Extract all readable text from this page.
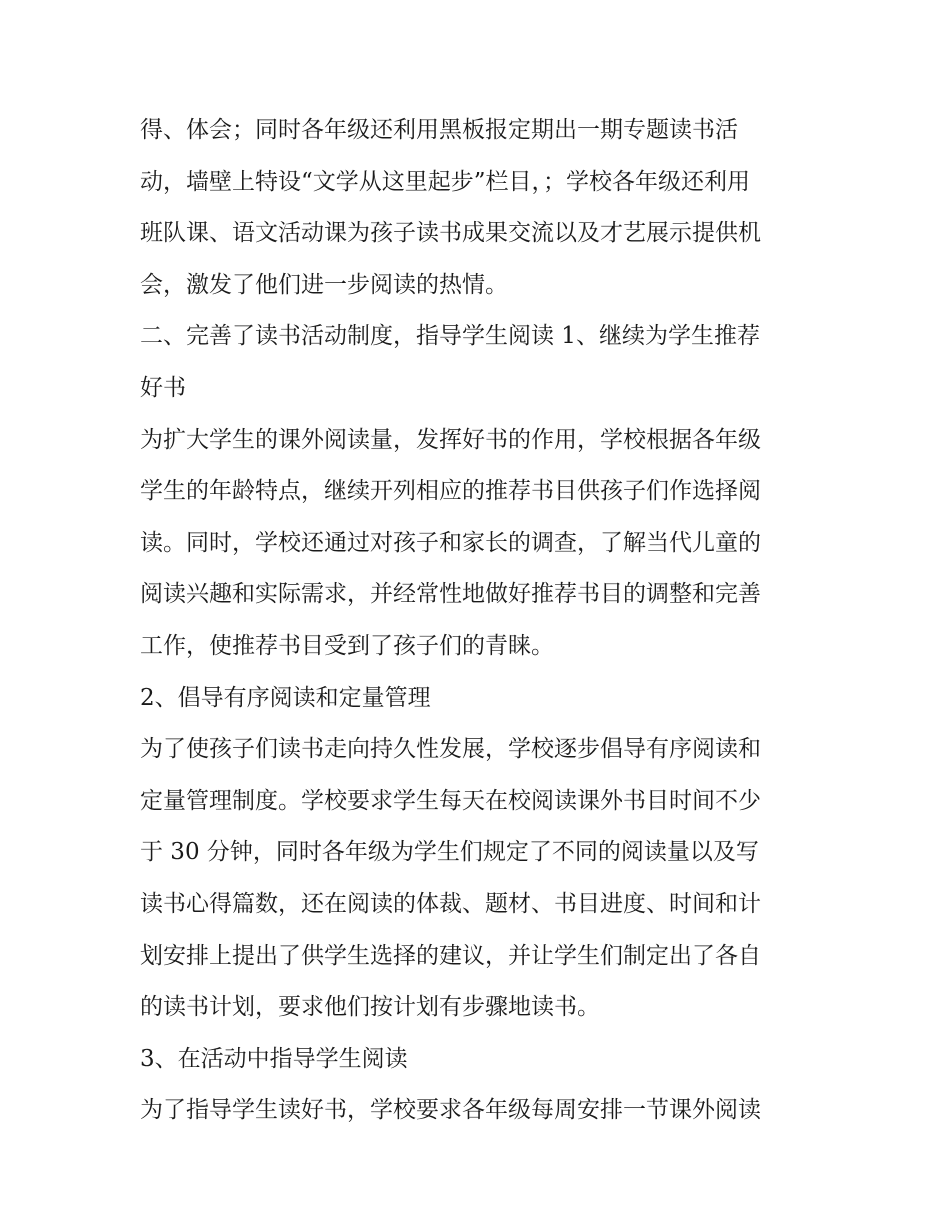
得、体会；同时各年级还利用黑板报定期出一期专题读书活
动，墙壁上特设“文学从这里起步”栏目，；学校各年级还利用
班队课、语文活动课为孩子读书成果交流以及才艺展示提供机
会，激发了他们进一步阅读的热情。
二、完善了读书活动制度，指导学生阅读 1、继续为学生推荐
好书
为扩大学生的课外阅读量，发挥好书的作用，学校根据各年级
学生的年龄特点，继续开列相应的推荐书目供孩子们作选择阅
读。同时，学校还通过对孩子和家长的调查，了解当代儿童的
阅读兴趣和实际需求，并经常性地做好推荐书目的调整和完善
工作，使推荐书目受到了孩子们的青睐。
2、倡导有序阅读和定量管理
为了使孩子们读书走向持久性发展，学校逐步倡导有序阅读和
定量管理制度。学校要求学生每天在校阅读课外书目时间不少
于 30 分钟，同时各年级为学生们规定了不同的阅读量以及写
读书心得篇数，还在阅读的体裁、题材、书目进度、时间和计
划安排上提出了供学生选择的建议，并让学生们制定出了各自
的读书计划，要求他们按计划有步骤地读书。
3、在活动中指导学生阅读
为了指导学生读好书，学校要求各年级每周安排一节课外阅读
